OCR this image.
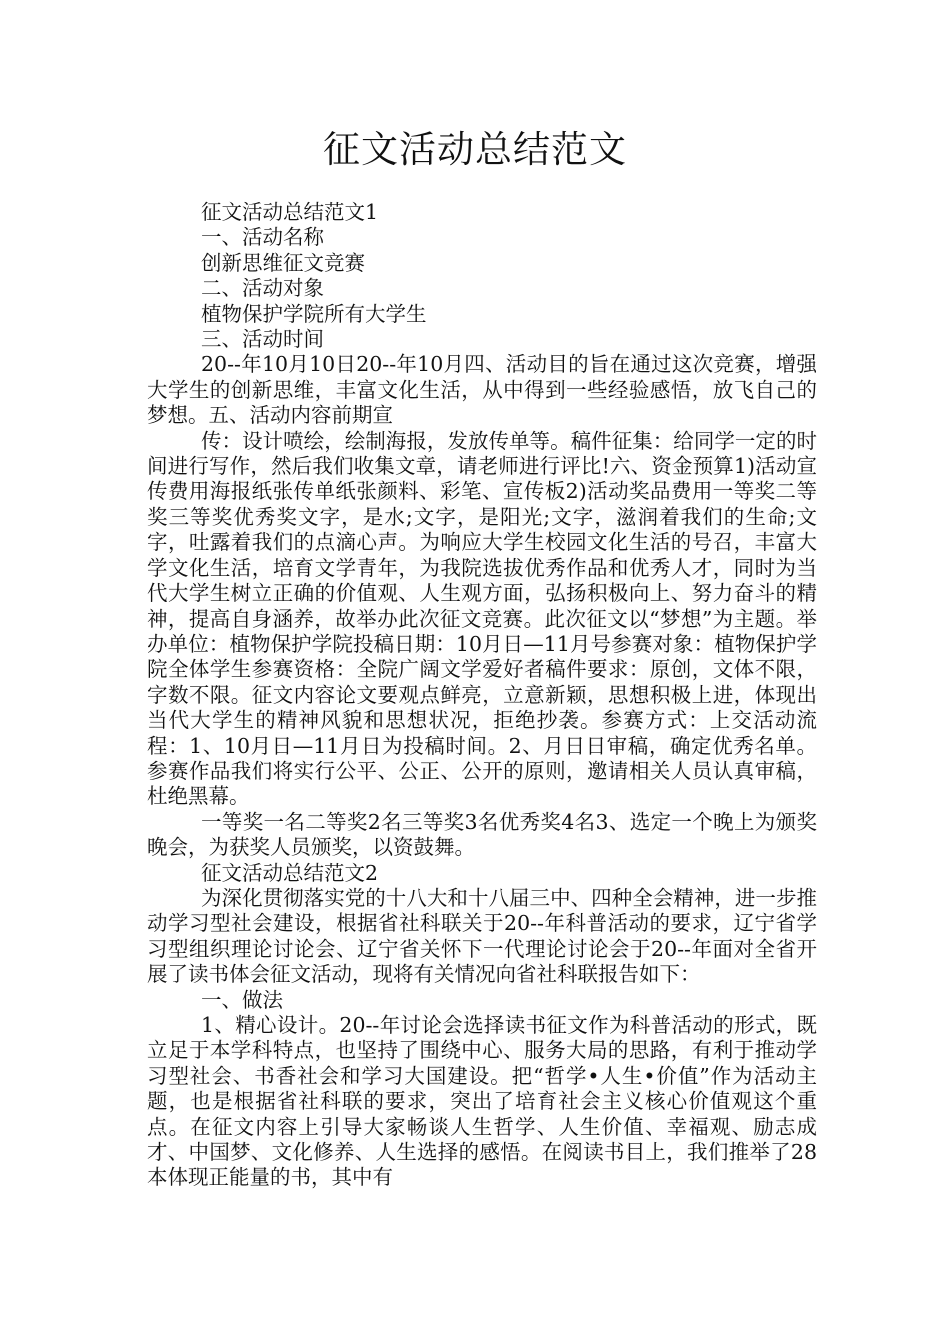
征文活动总结范文

征文活动总结范文1

一、活动名称

创新思维征文竞赛

二、活动对象

植物保护学院所有大学生

三、活动时间

20--年10月10日20--年10月四、活动目的旨在通过这次竞赛，增强大学生的创新思维，丰富文化生活，从中得到一些经验感悟，放飞自己的梦想。五、活动内容前期宣

传：设计喷绘，绘制海报，发放传单等。稿件征集：给同学一定的时间进行写作，然后我们收集文章，请老师进行评比!六、资金预算1)活动宣传费用海报纸张传单纸张颜料、彩笔、宣传板2)活动奖品费用一等奖二等奖三等奖优秀奖文字，是水;文字，是阳光;文字，滋润着我们的生命;文字，吐露着我们的点滴心声。为响应大学生校园文化生活的号召，丰富大学文化生活，培育文学青年，为我院选拔优秀作品和优秀人才，同时为当代大学生树立正确的价值观、人生观方面，弘扬积极向上、努力奋斗的精神，提高自身涵养，故举办此次征文竞赛。此次征文以“梦想”为主题。举办单位：植物保护学院投稿日期：10月日—11月号参赛对象：植物保护学院全体学生参赛资格：全院广阔文学爱好者稿件要求：原创，文体不限，字数不限。征文内容论文要观点鲜亮，立意新颖，思想积极上进，体现出当代大学生的精神风貌和思想状况，拒绝抄袭。参赛方式：上交活动流程：1、10月日—11月日为投稿时间。2、月日日审稿，确定优秀名单。参赛作品我们将实行公平、公正、公开的原则，邀请相关人员认真审稿，杜绝黑幕。

一等奖一名二等奖2名三等奖3名优秀奖4名3、选定一个晚上为颁奖晚会，为获奖人员颁奖，以资鼓舞。

征文活动总结范文2

为深化贯彻落实党的十八大和十八届三中、四种全会精神，进一步推动学习型社会建设，根据省社科联关于20--年科普活动的要求，辽宁省学习型组织理论讨论会、辽宁省关怀下一代理论讨论会于20--年面对全省开展了读书体会征文活动，现将有关情况向省社科联报告如下：

一、做法

1、精心设计。20--年讨论会选择读书征文作为科普活动的形式，既立足于本学科特点，也坚持了围绕中心、服务大局的思路，有利于推动学习型社会、书香社会和学习大国建设。把“哲学•人生•价值”作为活动主题，也是根据省社科联的要求，突出了培育社会主义核心价值观这个重点。在征文内容上引导大家畅谈人生哲学、人生价值、幸福观、励志成才、中国梦、文化修养、人生选择的感悟。在阅读书目上，我们推举了28本体现正能量的书，其中有
